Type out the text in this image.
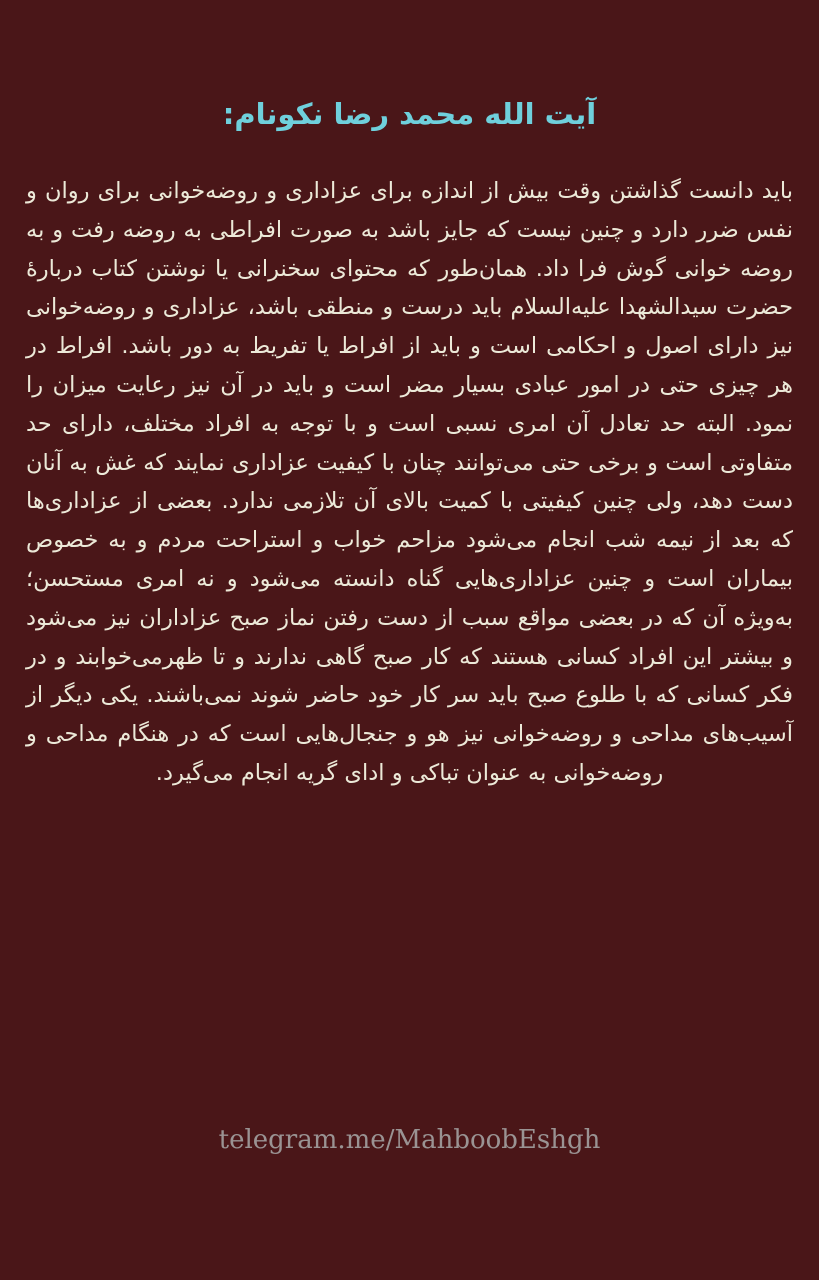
آیت الله محمد رضا نکونام:

باید دانست گذاشتن وقت بیش از اندازه برای عزاداری و روضه‌خوانی برای روان و نفس ضرر دارد و چنین نیست که جایز باشد به صورت افراطی به روضه رفت و به روضه خوانی گوش فرا داد. همان‌طور که محتوای سخنرانی یا نوشتن کتاب دربارهٔ حضرت سیدالشهدا علیه‌السلام باید درست و منطقی باشد، عزاداری و روضه‌خوانی نیز دارای اصول و احکامی است و باید از افراط یا تفریط به دور باشد. افراط در هر چیزی حتی در امور عبادی بسیار مضر است و باید در آن نیز رعایت میزان را نمود. البته حد تعادل آن امری نسبی است و با توجه به افراد مختلف، دارای حد متفاوتی است و برخی حتی می‌توانند چنان با کیفیت عزاداری نمایند که غش به آنان دست دهد، ولی چنین کیفیتی با کمیت بالای آن تلازمی ندارد. بعضی از عزاداری‌ها که بعد از نیمه شب انجام می‌شود مزاحم خواب و استراحت مردم و به خصوص بیماران است و چنین عزاداری‌هایی گناه دانسته می‌شود و نه امری مستحسن؛ به‌ویژه آن که در بعضی مواقع سبب از دست رفتن نماز صبح عزاداران نیز می‌شود و بیشتر این افراد کسانی هستند که کار صبح گاهی ندارند و تا ظهرمی‌خوابند و در فکر کسانی که با طلوع صبح باید سر کار خود حاضر شوند نمی‌باشند. یکی دیگر از آسیب‌های مداحی و روضه‌خوانی نیز هو و جنجال‌هایی است که در هنگام مداحی و روضه‌خوانی به عنوان تباکی و ادای گریه انجام می‌گیرد.

telegram.me/MahboobEshgh
